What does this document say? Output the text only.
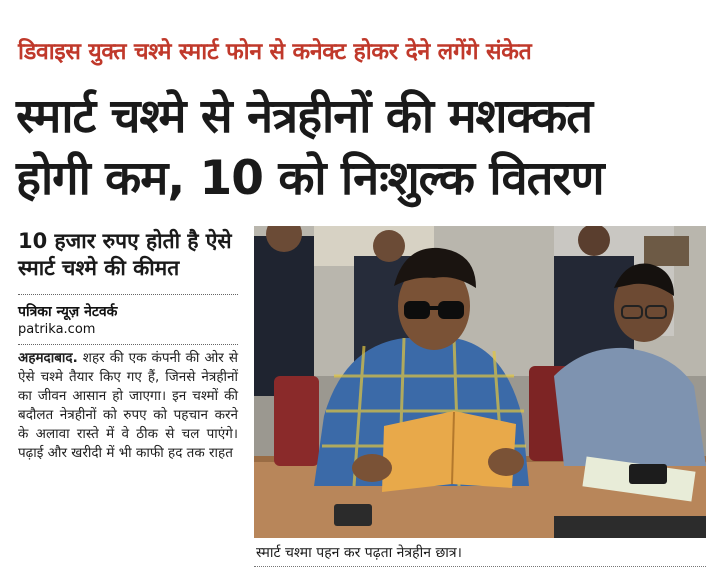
डिवाइस युक्त चश्मे स्मार्ट फोन से कनेक्ट होकर देने लगेंगे संकेत
स्मार्ट चश्मे से नेत्रहीनों की मशक्कत
होगी कम, 10 को निःशुल्क वितरण
10 हजार रुपए होती है ऐसे स्मार्ट चश्मे की कीमत
पत्रिका न्यूज़ नेटवर्क
patrika.com
अहमदाबाद. शहर की एक कंपनी की ओर से ऐसे चश्मे तैयार किए गए हैं, जिनसे नेत्रहीनों का जीवन आसान हो जाएगा। इन चश्मों की बदौलत नेत्रहीनों को रुपए को पहचान करने के अलावा रास्ते में वे ठीक से चल पाएंगे। पढ़ाई और खरीदी में भी काफी हद तक राहत
स्मार्ट चश्मा पहन कर पढ़ता नेत्रहीन छात्र।
